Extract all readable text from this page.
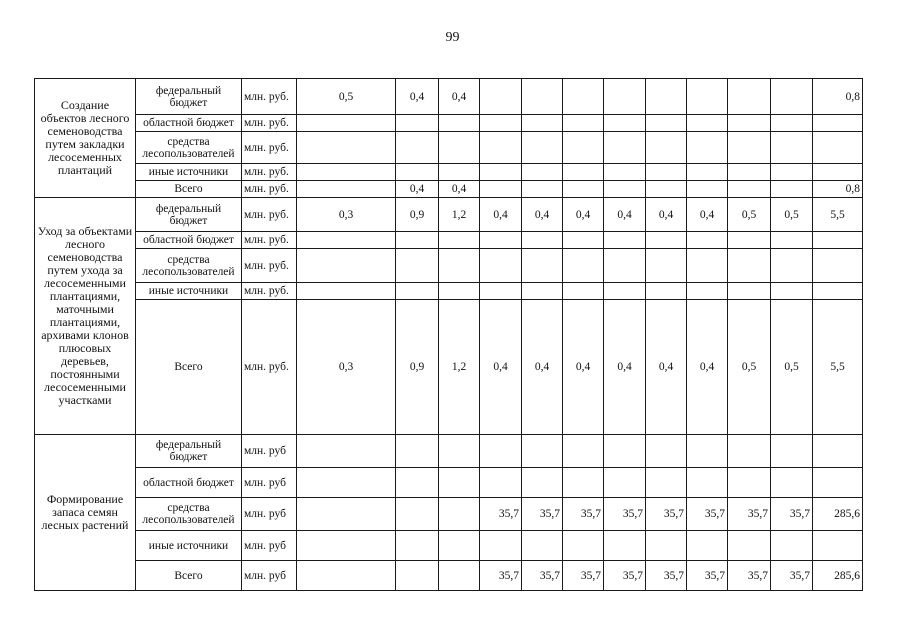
99
Создание объектов лесного семеноводства путем закладки лесосеменных плантаций	федеральный бюджет	млн. руб.	0,5	0,4	0,4									0,8
	областной бюджет	млн. руб.												
	средства лесопользователей	млн. руб.												
	иные источники	млн. руб.												
	Всего	млн. руб.		0,4	0,4									0,8
Уход за объектами лесного семеноводства путем ухода за лесосеменными плантациями, маточными плантациями, архивами клонов плюсовых деревьев, постоянными лесосеменными участками	федеральный бюджет	млн. руб.	0,3	0,9	1,2	0,4	0,4	0,4	0,4	0,4	0,4	0,5	0,5	5,5
	областной бюджет	млн. руб.												
	средства лесопользователей	млн. руб.												
	иные источники	млн. руб.												
	Всего	млн. руб.	0,3	0,9	1,2	0,4	0,4	0,4	0,4	0,4	0,4	0,5	0,5	5,5
Формирование запаса семян лесных растений	федеральный бюджет	млн. руб												
	областной бюджет	млн. руб												
	средства лесопользователей	млн. руб				35,7	35,7	35,7	35,7	35,7	35,7	35,7	35,7	285,6
	иные источники	млн. руб												
	Всего	млн. руб				35,7	35,7	35,7	35,7	35,7	35,7	35,7	35,7	285,6
